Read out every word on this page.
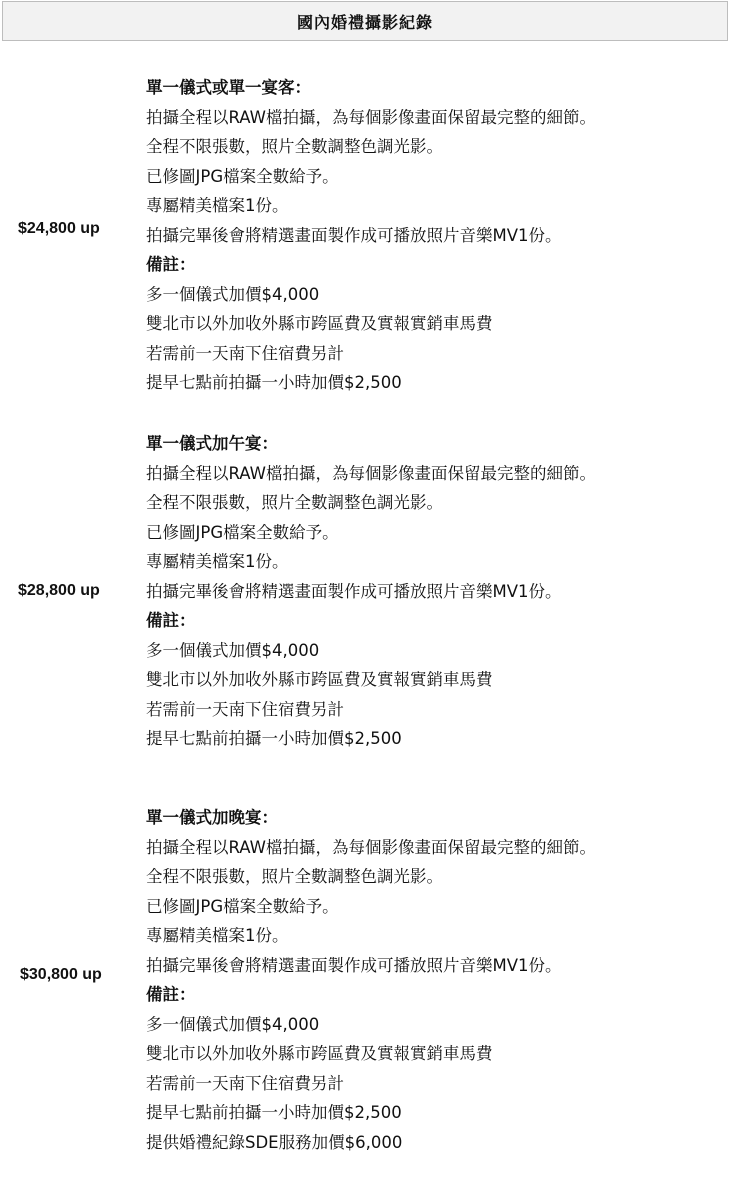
國內婚禮攝影紀錄
$24,800 up
單一儀式或單一宴客：
拍攝全程以RAW檔拍攝，為每個影像畫面保留最完整的細節。
全程不限張數，照片全數調整色調光影。
已修圖JPG檔案全數給予。
專屬精美檔案1份。
拍攝完畢後會將精選畫面製作成可播放照片音樂MV1份。
備註：
多一個儀式加價$4,000
雙北市以外加收外縣市跨區費及實報實銷車馬費
若需前一天南下住宿費另計
提早七點前拍攝一小時加價$2,500
$28,800 up
單一儀式加午宴：
拍攝全程以RAW檔拍攝，為每個影像畫面保留最完整的細節。
全程不限張數，照片全數調整色調光影。
已修圖JPG檔案全數給予。
專屬精美檔案1份。
拍攝完畢後會將精選畫面製作成可播放照片音樂MV1份。
備註：
多一個儀式加價$4,000
雙北市以外加收外縣市跨區費及實報實銷車馬費
若需前一天南下住宿費另計
提早七點前拍攝一小時加價$2,500
$30,800 up
單一儀式加晚宴：
拍攝全程以RAW檔拍攝，為每個影像畫面保留最完整的細節。
全程不限張數，照片全數調整色調光影。
已修圖JPG檔案全數給予。
專屬精美檔案1份。
拍攝完畢後會將精選畫面製作成可播放照片音樂MV1份。
備註：
多一個儀式加價$4,000
雙北市以外加收外縣市跨區費及實報實銷車馬費
若需前一天南下住宿費另計
提早七點前拍攝一小時加價$2,500
提供婚禮紀錄SDE服務加價$6,000
